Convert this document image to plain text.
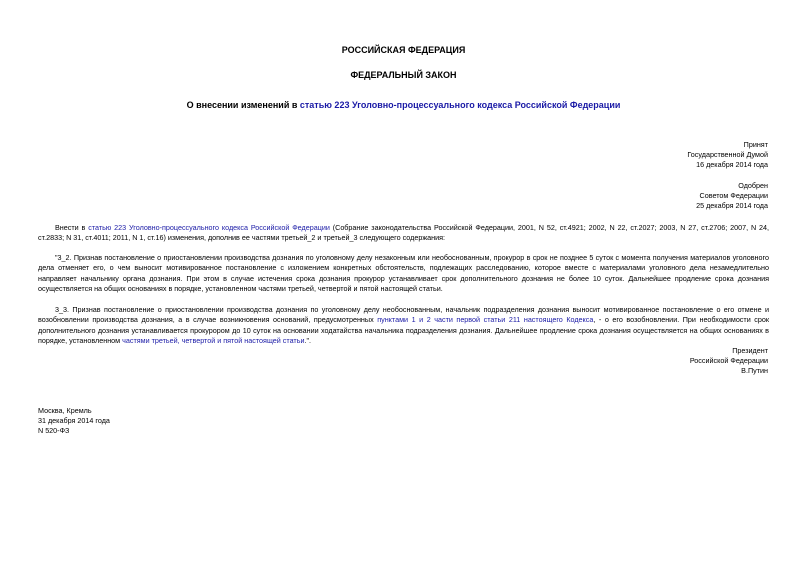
РОССИЙСКАЯ ФЕДЕРАЦИЯ
ФЕДЕРАЛЬНЫЙ ЗАКОН
О внесении изменений в статью 223 Уголовно-процессуального кодекса Российской Федерации
Принят
Государственной Думой
16 декабря 2014 года
Одобрен
Советом Федерации
25 декабря 2014 года
Внести в статью 223 Уголовно-процессуального кодекса Российской Федерации (Собрание законодательства Российской Федерации, 2001, N 52, ст.4921; 2002, N 22, ст.2027; 2003, N 27, ст.2706; 2007, N 24, ст.2833; N 31, ст.4011; 2011, N 1, ст.16) изменения, дополнив ее частями третьей_2 и третьей_3 следующего содержания:
"3_2. Признав постановление о приостановлении производства дознания по уголовному делу незаконным или необоснованным, прокурор в срок не позднее 5 суток с момента получения материалов уголовного дела отменяет его, о чем выносит мотивированное постановление с изложением конкретных обстоятельств, подлежащих расследованию, которое вместе с материалами уголовного дела незамедлительно направляет начальнику органа дознания. При этом в случае истечения срока дознания прокурор устанавливает срок дополнительного дознания не более 10 суток. Дальнейшее продление срока дознания осуществляется на общих основаниях в порядке, установленном частями третьей, четвертой и пятой настоящей статьи.
3_3. Признав постановление о приостановлении производства дознания по уголовному делу необоснованным, начальник подразделения дознания выносит мотивированное постановление о его отмене и возобновлении производства дознания, а в случае возникновения оснований, предусмотренных пунктами 1 и 2 части первой статьи 211 настоящего Кодекса, - о его возобновлении. При необходимости срок дополнительного дознания устанавливается прокурором до 10 суток на основании ходатайства начальника подразделения дознания. Дальнейшее продление срока дознания осуществляется на общих основаниях в порядке, установленном частями третьей, четвертой и пятой настоящей статьи.".
Президент
Российской Федерации
В.Путин
Москва, Кремль
31 декабря 2014 года
N 520-ФЗ
